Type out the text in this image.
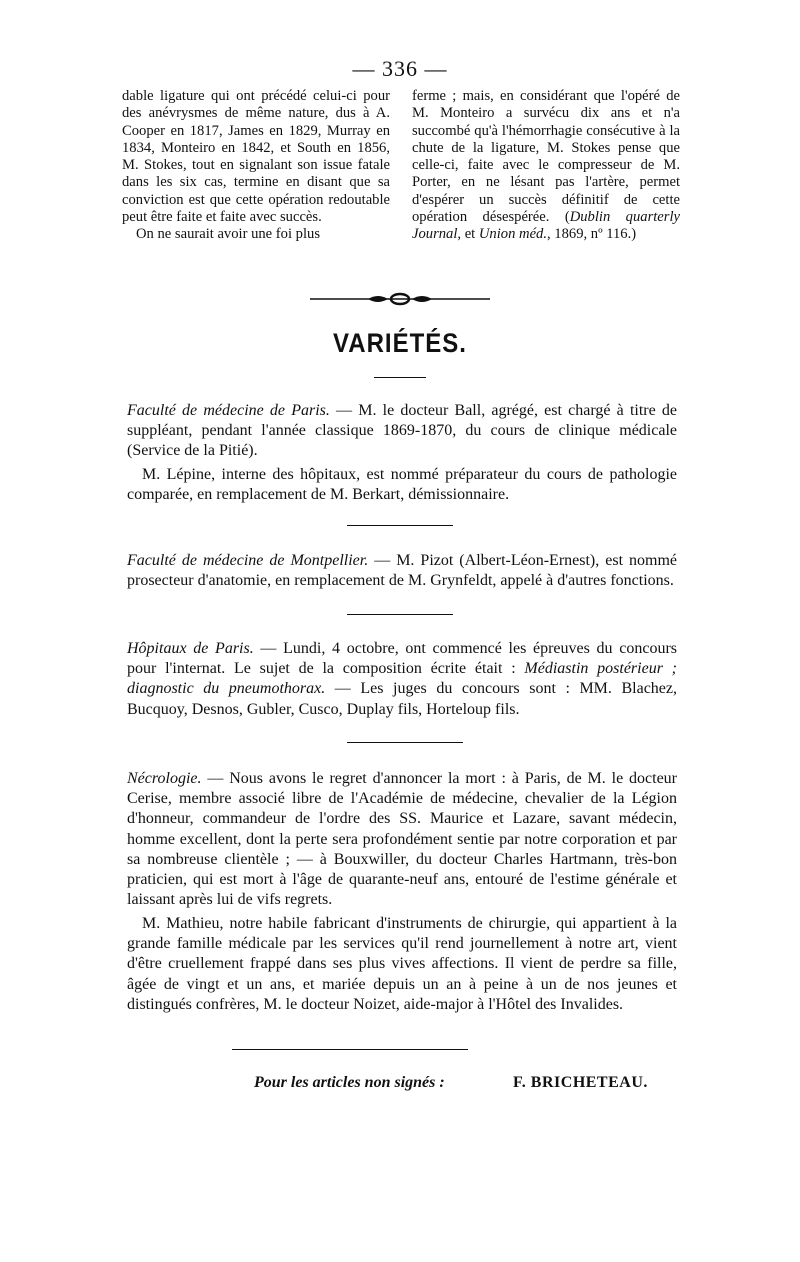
— 336 —

dable ligature qui ont précédé celui-ci pour des anévrysmes de même nature, dus à A. Cooper en 1817, James en 1829, Murray en 1834, Monteiro en 1842, et South en 1856, M. Stokes, tout en signalant son issue fatale dans les six cas, termine en disant que sa conviction est que cette opération redoutable peut être faite et faite avec succès.

On ne saurait avoir une foi plus

ferme ; mais, en considérant que l'opéré de M. Monteiro a survécu dix ans et n'a succombé qu'à l'hémorrhagie consécutive à la chute de la ligature, M. Stokes pense que celle-ci, faite avec le compresseur de M. Porter, en ne lésant pas l'artère, permet d'espérer un succès définitif de cette opération désespérée. (Dublin quarterly Journal, et Union méd., 1869, nº 116.)

VARIÉTÉS.

Faculté de médecine de Paris. — M. le docteur Ball, agrégé, est chargé à titre de suppléant, pendant l'année classique 1869-1870, du cours de clinique médicale (Service de la Pitié).

M. Lépine, interne des hôpitaux, est nommé préparateur du cours de pathologie comparée, en remplacement de M. Berkart, démissionnaire.

Faculté de médecine de Montpellier. — M. Pizot (Albert-Léon-Ernest), est nommé prosecteur d'anatomie, en remplacement de M. Grynfeldt, appelé à d'autres fonctions.

Hôpitaux de Paris. — Lundi, 4 octobre, ont commencé les épreuves du concours pour l'internat. Le sujet de la composition écrite était : Médiastin postérieur ; diagnostic du pneumothorax. — Les juges du concours sont : MM. Blachez, Bucquoy, Desnos, Gubler, Cusco, Duplay fils, Horteloup fils.

Nécrologie. — Nous avons le regret d'annoncer la mort : à Paris, de M. le docteur Cerise, membre associé libre de l'Académie de médecine, chevalier de la Légion d'honneur, commandeur de l'ordre des SS. Maurice et Lazare, savant médecin, homme excellent, dont la perte sera profondément sentie par notre corporation et par sa nombreuse clientèle ; — à Bouxwiller, du docteur Charles Hartmann, très-bon praticien, qui est mort à l'âge de quarante-neuf ans, entouré de l'estime générale et laissant après lui de vifs regrets.

M. Mathieu, notre habile fabricant d'instruments de chirurgie, qui appartient à la grande famille médicale par les services qu'il rend journellement à notre art, vient d'être cruellement frappé dans ses plus vives affections. Il vient de perdre sa fille, âgée de vingt et un ans, et mariée depuis un an à peine à un de nos jeunes et distingués confrères, M. le docteur Noizet, aide-major à l'Hôtel des Invalides.

Pour les articles non signés :	F. BRICHETEAU.
